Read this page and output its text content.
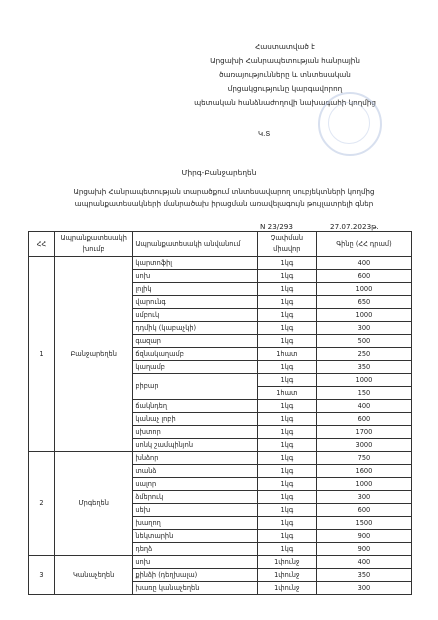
Հաստատված է
Արցախի Հանրապետության հանրային
ծառայությունները և տնտեսական
մրցակցությունը կարգավորող
պետական հանձնաժողովի նախագահի կողմից
Կ.Տ
Միրգ-Բանջարեղեն
Արցախի Հանրապետության տարածքում տնտեսավարող սուբյեկտների կողմից ապրանքատեսակների մանրածախ իրացման առավելագույն թույլատրելի գներ
N 23/293	27.07.2023թ.
ՀՀ	Ապրանքատեսակի խումբ	Ապրանքատեսակի անվանում	Չափման միավոր	Գինը (ՀՀ դրամ)
1	Բանջարեղեն	կարտոֆիլ	1կգ	400
		սոխ	1կգ	600
		լոլիկ	1կգ	1000
		վարունգ	1կգ	650
		սմբուկ	1կգ	1000
		դդմիկ (կաբաչկի)	1կգ	300
		գազար	1կգ	500
		ճզնակաղամբ	1հատ	250
		կաղամբ	1կգ	350
		բիբար	1կգ	1000
			1հատ	150
		ճակնդեղ	1կգ	400
		կանաչ լոբի	1կգ	600
		սխտոր	1կգ	1700
		սոնկ շամպինյոն	1կգ	3000
2	Մրգեղեն	խնձոր	1կգ	750
		տանձ	1կգ	1600
		սալոր	1կգ	1000
		ձմերուկ	1կգ	300
		սեխ	1կգ	600
		խաղող	1կգ	1500
		նեկտարին	1կգ	900
		դեղձ	1կգ	900
3	Կանաչեղեն	սոխ	1փունջ	400
		քինձի (դեղխալա)	1փունջ	350
		խառը կանաչեղեն	1փունջ	300
